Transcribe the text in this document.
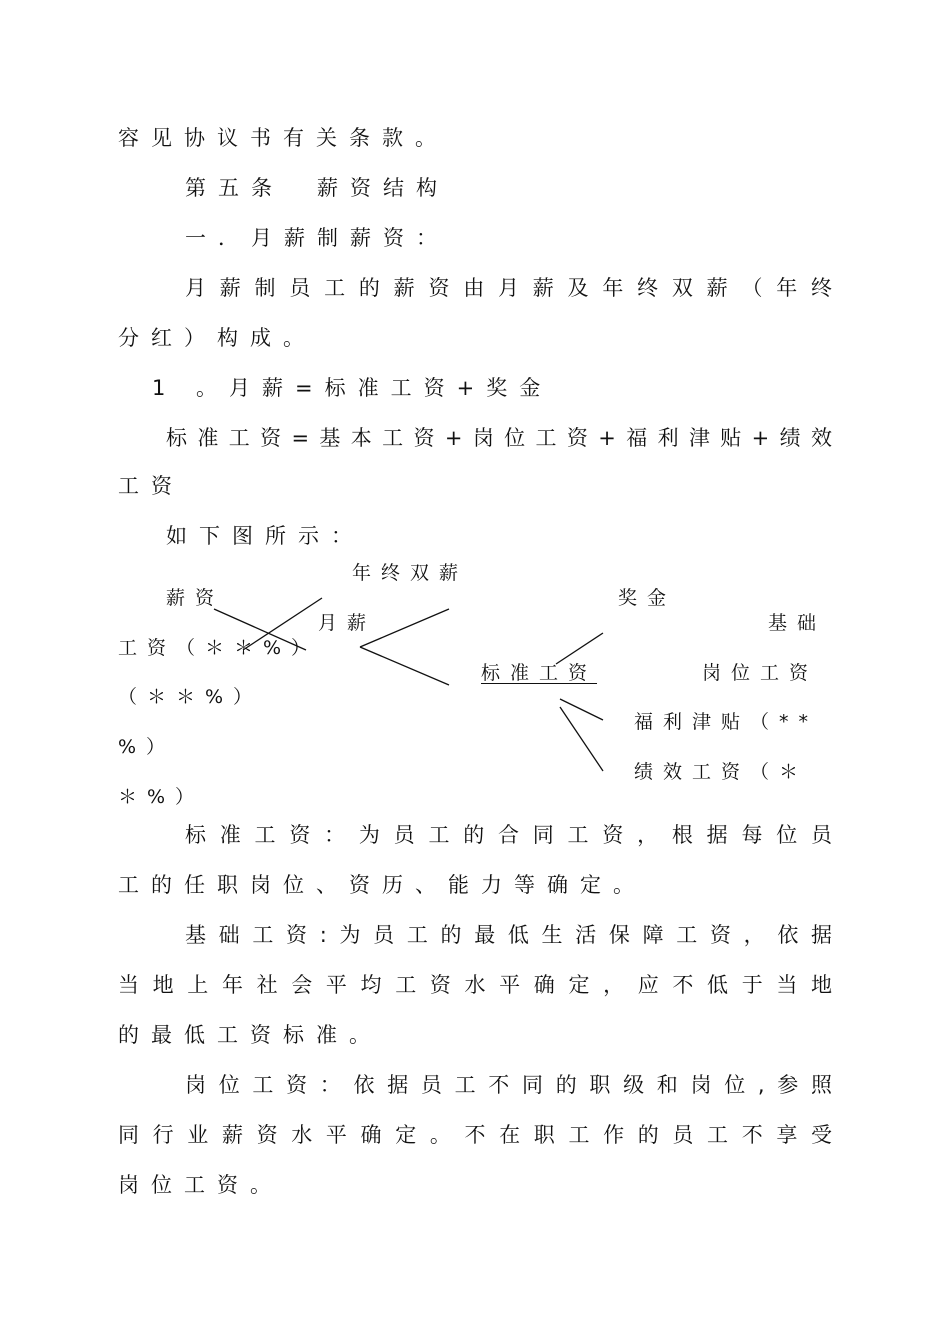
容见协议书有关条款。
第五条　薪资结构
一．月薪制薪资：
月薪制员工的薪资由月薪及年终双薪（年终
分红）构成。
1 。月薪=标准工资+奖金
标准工资=基本工资+岗位工资+福利津贴+绩效
工资
如下图所示：
年终双薪
薪资	奖金
月薪	基础
工资（＊＊%）
标准工资	岗位工资
（＊＊%）
福利津贴（**
%）
绩效工资（＊
＊%）
标准工资：为员工的合同工资，根据每位员
工的任职岗位、资历、能力等确定。
基础工资:为员工的最低生活保障工资，依据
当地上年社会平均工资水平确定，应不低于当地
的最低工资标准。
岗位工资：依据员工不同的职级和岗位,参照
同行业薪资水平确定。不在职工作的员工不享受
岗位工资。
